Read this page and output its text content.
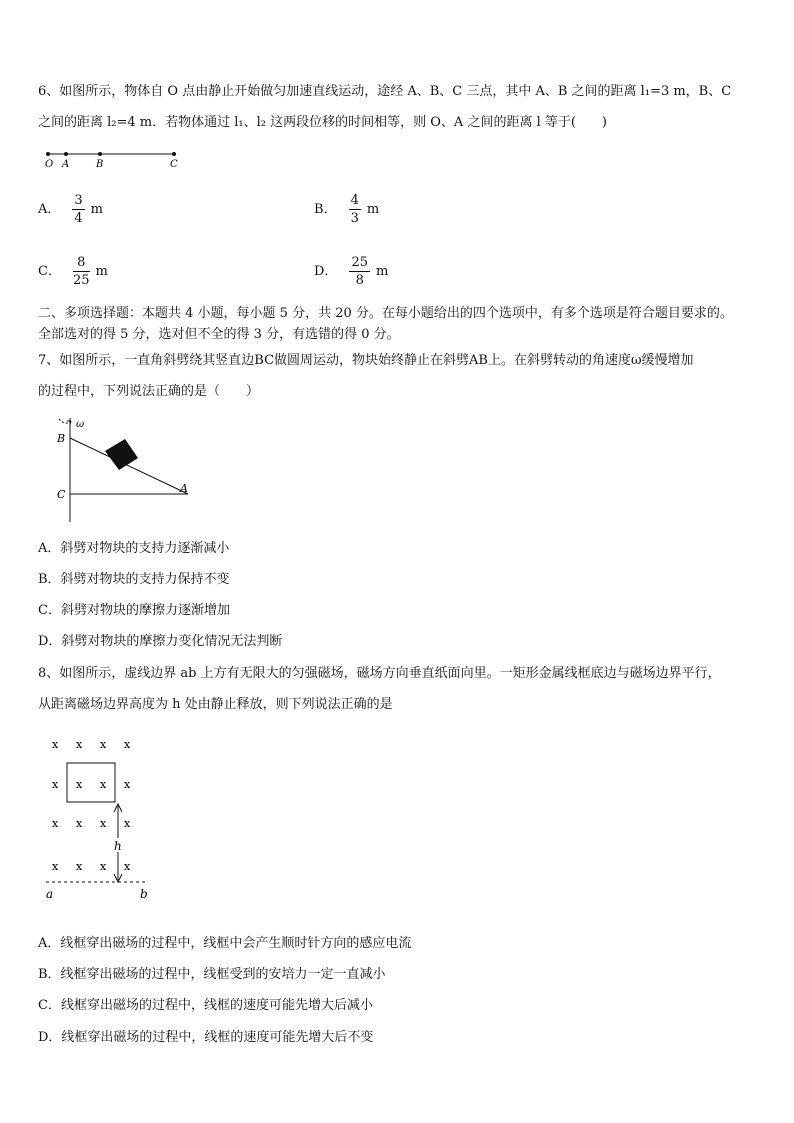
6、如图所示，物体自 O 点由静止开始做匀加速直线运动，途经 A、B、C 三点，其中 A、B 之间的距离 l₁=3 m，B、C
之间的距离 l₂=4 m．若物体通过 l₁、l₂ 这两段位移的时间相等，则 O、A 之间的距离 l 等于(　　)
O A	B	C
A． $\frac{3}{4}$ m	B． $\frac{4}{3}$ m
C． $\frac{8}{25}$ m	D． $\frac{25}{8}$ m
二、多项选择题：本题共 4 小题，每小题 5 分，共 20 分。在每小题给出的四个选项中，有多个选项是符合题目要求的。
全部选对的得 5 分，选对但不全的得 3 分，有选错的得 0 分。
7、如图所示，一直角斜劈绕其竖直边BC做圆周运动，物块始终静止在斜劈AB上。在斜劈转动的角速度ω缓慢增加
的过程中，下列说法正确的是（　　）
ω
B
C	A
A．斜劈对物块的支持力逐渐减小
B．斜劈对物块的支持力保持不变
C．斜劈对物块的摩擦力逐渐增加
D．斜劈对物块的摩擦力变化情况无法判断
8、如图所示，虚线边界 ab 上方有无限大的匀强磁场，磁场方向垂直纸面向里。一矩形金属线框底边与磁场边界平行，
从距离磁场边界高度为 h 处由静止释放，则下列说法正确的是
x x x x
x x x x
x x x x
x x x x
h
a	b
A．线框穿出磁场的过程中，线框中会产生顺时针方向的感应电流
B．线框穿出磁场的过程中，线框受到的安培力一定一直减小
C．线框穿出磁场的过程中，线框的速度可能先增大后减小
D．线框穿出磁场的过程中，线框的速度可能先增大后不变
